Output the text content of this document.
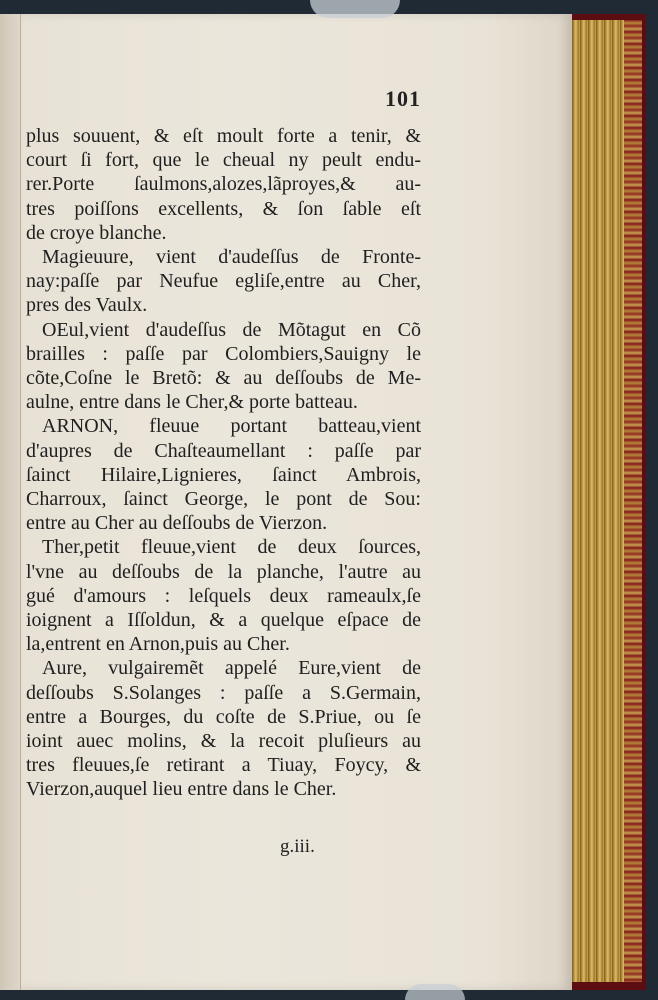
101
plus souuent, & eſt moult forte a tenir, &
court ſi fort, que le cheual ny peult endu-
rer.Porte ſaulmons,alozes,lãproyes,& au-
tres poiſſons excellents, & ſon ſable eſt
de croye blanche.
Magieuure, vient d'audeſſus de Fronte-
nay:paſſe par Neufue egliſe,entre au Cher,
pres des Vaulx.
OEul,vient d'audeſſus de Mõtagut en Cõ
brailles : paſſe par Colombiers,Sauigny le
cõte,Coſne le Bretõ: & au deſſoubs de Me-
aulne, entre dans le Cher,& porte batteau.
ARNON, fleuue portant batteau,vient
d'aupres de Chaſteaumellant : paſſe par
ſainct Hilaire,Lignieres, ſainct Ambrois,
Charroux, ſainct George, le pont de Sou:
entre au Cher au deſſoubs de Vierzon.
Ther,petit fleuue,vient de deux ſources,
l'vne au deſſoubs de la planche, l'autre au
gué d'amours : leſquels deux rameaulx,ſe
ioignent a Iſſoldun, & a quelque eſpace de
la,entrent en Arnon,puis au Cher.
Aure, vulgairemẽt appelé Eure,vient de
deſſoubs S.Solanges : paſſe a S.Germain,
entre a Bourges, du coſte de S.Priue, ou ſe
ioint auec molins, & la recoit pluſieurs au
tres fleuues,ſe retirant a Tiuay, Foycy, &
Vierzon,auquel lieu entre dans le Cher.
g.iii.
